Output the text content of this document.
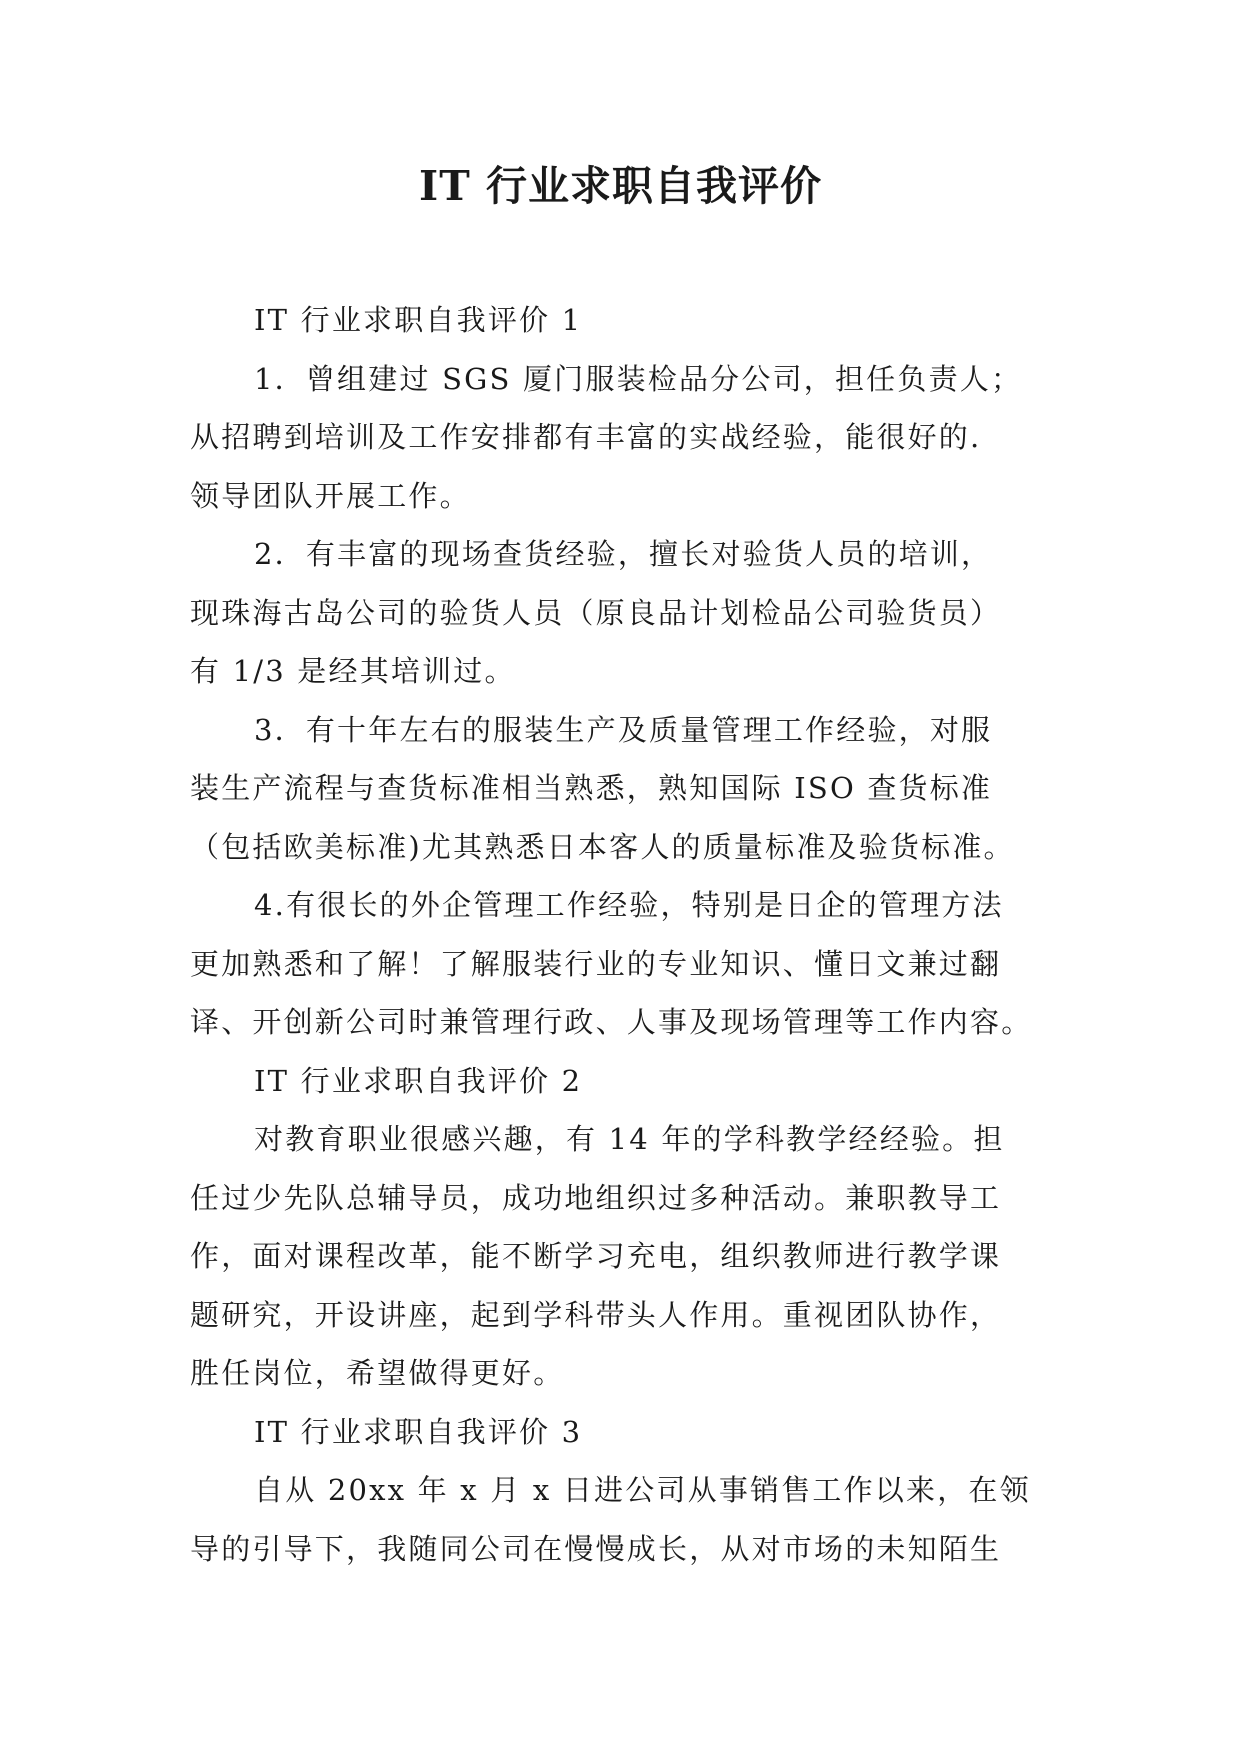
IT 行业求职自我评价
IT 行业求职自我评价 1
1．曾组建过 SGS 厦门服装检品分公司，担任负责人；
从招聘到培训及工作安排都有丰富的实战经验，能很好的.
领导团队开展工作。
2．有丰富的现场查货经验，擅长对验货人员的培训，
现珠海古岛公司的验货人员（原良品计划检品公司验货员）
有 1/3 是经其培训过。
3．有十年左右的服装生产及质量管理工作经验，对服
装生产流程与查货标准相当熟悉，熟知国际 ISO 查货标准
（包括欧美标准)尤其熟悉日本客人的质量标准及验货标准。
4.有很长的外企管理工作经验，特别是日企的管理方法
更加熟悉和了解！了解服装行业的专业知识、懂日文兼过翻
译、开创新公司时兼管理行政、人事及现场管理等工作内容。
IT 行业求职自我评价 2
对教育职业很感兴趣，有 14 年的学科教学经经验。担
任过少先队总辅导员，成功地组织过多种活动。兼职教导工
作，面对课程改革，能不断学习充电，组织教师进行教学课
题研究，开设讲座，起到学科带头人作用。重视团队协作，
胜任岗位，希望做得更好。
IT 行业求职自我评价 3
自从 20xx 年 x 月 x 日进公司从事销售工作以来，在领
导的引导下，我随同公司在慢慢成长，从对市场的未知陌生
